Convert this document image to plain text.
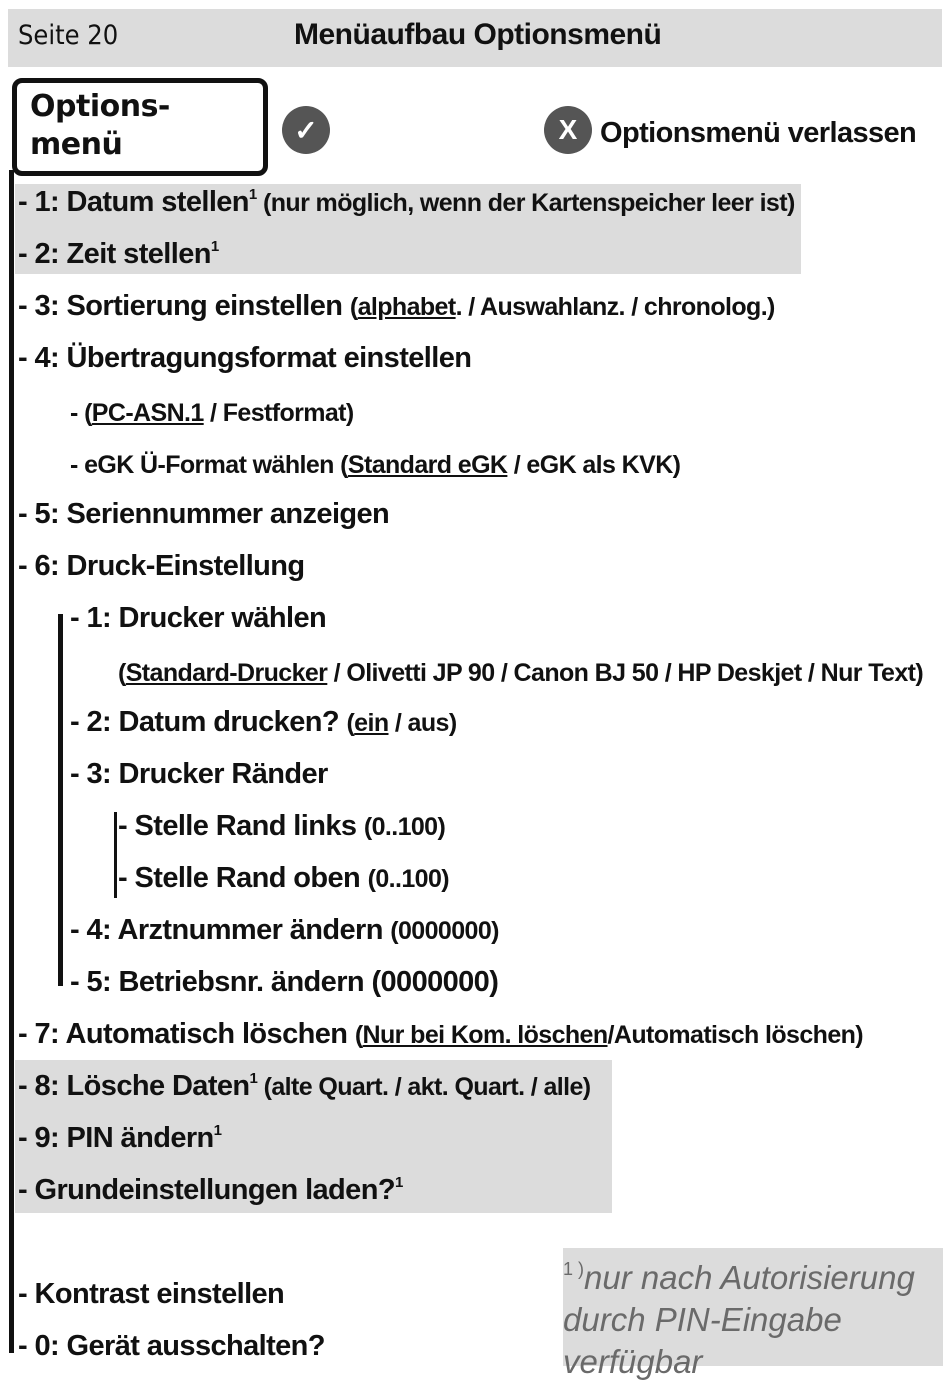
Seite 20	Menüaufbau Optionsmenü
Options-
menü	✓	X Optionsmenü verlassen
- 1: Datum stellen$^1$ (nur möglich, wenn der Kartenspeicher leer ist)
- 2: Zeit stellen$^1$
- 3: Sortierung einstellen (alphabet. / Auswahlanz. / chronolog.)
- 4: Übertragungsformat einstellen
- (PC-ASN.1 / Festformat)
- eGK Ü-Format wählen (Standard eGK / eGK als KVK)
- 5: Seriennummer anzeigen
- 6: Druck-Einstellung
- 1: Drucker wählen
(Standard-Drucker / Olivetti JP 90 / Canon BJ 50 / HP Deskjet / Nur Text)
- 2: Datum drucken? (ein / aus)
- 3: Drucker Ränder
- Stelle Rand links (0..100)
- Stelle Rand oben (0..100)
- 4: Arztnummer ändern (0000000)
- 5: Betriebsnr. ändern (0000000)
- 7: Automatisch löschen (Nur bei Kom. löschen/Automatisch löschen)
- 8: Lösche Daten$^1$ (alte Quart. / akt. Quart. / alle)
- 9: PIN ändern$^1$
- Grundeinstellungen laden?$^1$
- Kontrast einstellen
- 0: Gerät ausschalten?
$^{1 )}$nur nach Autorisierung
durch PIN-Eingabe
verfügbar
